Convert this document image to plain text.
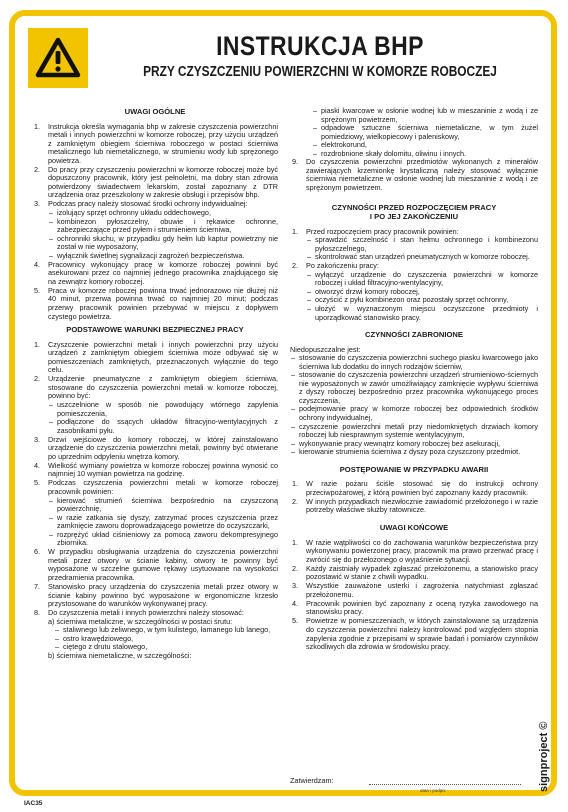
INSTRUKCJA BHP
PRZY CZYSZCZENIU POWIERZCHNI W KOMORZE ROBOCZEJ
UWAGI OGÓLNE
1. Instrukcja określa wymagania bhp w zakresie czyszczenia powierzchni metali i innych powierzchni w komorze roboczej, przy użyciu urządzeń z zamkniętym obiegiem ścierniwa roboczego w postaci ścierniwa metalicznego lub niemetalicznego, w strumieniu wody lub sprężonego powietrza.
2. Do pracy przy czyszczeniu powierzchni w komorze roboczej może być dopuszczony pracownik, który jest pełnoletni, ma dobry stan zdrowia potwierdzony świadectwem lekarskim, został zapoznany z DTR urządzenia oraz przeszkolony w zakresie obsługi i przepisów bhp.
3. Podczas pracy należy stosować środki ochrony indywidualnej:
– izolujący sprzęt ochronny układu oddechowego,
– kombinezon pyłoszczelny, obuwie i rękawice ochronne, zabezpieczające przed pyłem i strumieniem ścierniwa,
– ochronniki słuchu, w przypadku gdy hełm lub kaptur powietrzny nie został w nie wyposażony,
– wyłącznik świetlnej sygnalizacji zagrożeń bezpieczeństwa.
4. Pracownicy wykonujący pracę w komorze roboczej powinni być asekurowani przez co najmniej jednego pracownika znajdującego się na zewnątrz komory roboczej.
5. Praca w komorze roboczej powinna trwać jednorazowo nie dłużej niż 40 minut, przerwa powinna trwać co najmniej 20 minut; podczas przerwy pracownik powinien przebywać w miejscu z dopływem czystego powietrza.
PODSTAWOWE WARUNKI BEZPIECZNEJ PRACY
1. Czyszczenie powierzchni metali i innych powierzchni przy użyciu urządzeń z zamkniętym obiegiem ścierniwa może odbywać się w pomieszczeniach zamkniętych, przeznaczonych wyłącznie do tego celu.
2. Urządzenie pneumatyczne z zamkniętym obiegiem ścierniwa, stosowane do czyszczenia powierzchni metali w komorze roboczej, powinno być:
– uszczelnione w sposób nie powodujący wtórnego zapylenia pomieszczenia,
– podłączone do ssących układów filtracyjno-wentylacyjnych z zasobnikami pyłu.
3. Drzwi wejściowe do komory roboczej, w której zainstalowano urządzenie do czyszczenia powierzchni metali, powinny być otwierane po uprzednim odpyleniu wnętrza komory.
4. Wielkość wymiany powietrza w komorze roboczej powinna wynosić co najmniej 10 wymian powietrza na godzinę.
5. Podczas czyszczenia powierzchni metali w komorze roboczej pracownik powinien:
– kierować strumień ścierniwa bezpośrednio na czyszczoną powierzchnię,
– w razie zatkania się dyszy, zatrzymać proces czyszczenia przez zamknięcie zaworu doprowadzającego powietrze do oczyszczarki,
– rozprężyć układ ciśnieniowy za pomocą zaworu dekompresyjnego zbiornika.
6. W przypadku obsługiwania urządzenia do czyszczenia powierzchni metali przez otwory w ścianie kabiny, otwory te powinny być wyposażone w szczelne gumowe rękawy usytuowane na wysokości przedramienia pracownika.
7. Stanowisko pracy urządzenia do czyszczenia metali przez otwory w ścianie kabiny powinno być wyposażone w ergonomiczne krzesło przystosowane do warunków wykonywanej pracy.
8. Do czyszczenia metali i innych powierzchni należy stosować:
a) ścierniwa metaliczne, w szczególności w postaci śrutu:
– staliwnego lub żeliwnego, w tym kulistego, łamanego lub lanego,
– ostro krawędziowego,
– ciętego z drutu stalowego,
b) ścierniwa niemetaliczne, w szczególności:
– piaski kwarcowe w osłonie wodnej lub w mieszaninie z wodą i ze sprężonym powietrzem,
– odpadowe sztuczne ścierniwa niemetaliczne, w tym żużel pomiedziowy, wielkopiecowy i paleniskowy,
– elektrokorund,
– rozdrobnione skały dolomitu, oliwinu i innych.
9. Do czyszczenia powierzchni przedmiotów wykonanych z minerałów zawierających krzemionkę krystaliczną należy stosować wyłącznie ścierniwa niemetaliczne w osłonie wodnej lub mieszaninie z wodą i ze sprężonym powietrzem.
CZYNNOŚCI PRZED ROZPOCZĘCIEM PRACY
I PO JEJ ZAKOŃCZENIU
1. Przed rozpoczęciem pracy pracownik powinien:
– sprawdzić szczelność i stan hełmu ochronnego i kombinezonu pyłoszczelnego,
– skontrolować stan urządzeń pneumatycznych w komorze roboczej.
2. Po zakończeniu pracy:
– wyłączyć urządzenie do czyszczenia powierzchni w komorze roboczej i układ filtracyjno-wentylacyjny,
– otworzyć drzwi komory roboczej,
– oczyścić z pyłu kombinezon oraz pozostały sprzęt ochronny,
– ułożyć w wyznaczonym miejscu oczyszczone przedmioty i uporządkować stanowisko pracy.
CZYNNOŚCI ZABRONIONE

Niedopuszczalne jest:

– stosowanie do czyszczenia powierzchni suchego piasku kwarcowego jako ścierniwa lub dodatku do innych rodzajów ścierniw,
– stosowanie do czyszczenia powierzchni urządzeń strumieniowo-ściernych nie wyposażonych w zawór umożliwiający zamknięcie wypływu ścierniwa z dyszy roboczej bezpośrednio przez pracownika wykonującego proces czyszczenia,
– podejmowanie pracy w komorze roboczej bez odpowiednich środków ochrony indywidualnej,
– czyszczenie powierzchni metali przy niedomkniętych drzwiach komory roboczej lub niesprawnym systemie wentylacyjnym,
– wykonywanie pracy wewnątrz komory roboczej bez asekuracji,
– kierowanie strumienia ścierniwa z dyszy poza czyszczony przedmiot.
POSTĘPOWANIE W PRZYPADKU AWARII
1. W razie pożaru ściśle stosować się do instrukcji ochrony przeciwpożarowej, z którą powinien być zapoznany każdy pracownik.
2. W innych przypadkach niezwłocznie zawiadomić przełożonego i w razie potrzeby właściwe służby ratownicze.
UWAGI KOŃCOWE
1. W razie wątpliwości co do zachowania warunków bezpieczeństwa przy wykonywaniu powierzonej pracy, pracownik ma prawo przerwać pracę i zwrócić się do przełożonego o wyjaśnienie sytuacji.
2. Każdy zaistniały wypadek zgłaszać przełożonemu, a stanowisko pracy pozostawić w stanie z chwili wypadku.
3. Wszystkie zauważone usterki i zagrożenia natychmiast zgłaszać przełożonemu.
4. Pracownik powinien być zapoznany z oceną ryzyka zawodowego na stanowisku pracy.
5. Powietrze w pomieszczeniach, w których zainstalowane są urządzenia do czyszczenia powierzchni należy kontrolować pod względem stopnia zapylenia zgodnie z przepisami w sprawie badań i pomiarów czynników szkodliwych dla zdrowia w środowisku pracy.
Zatwierdzam:
data i podpis	signproject ©
IAC35
